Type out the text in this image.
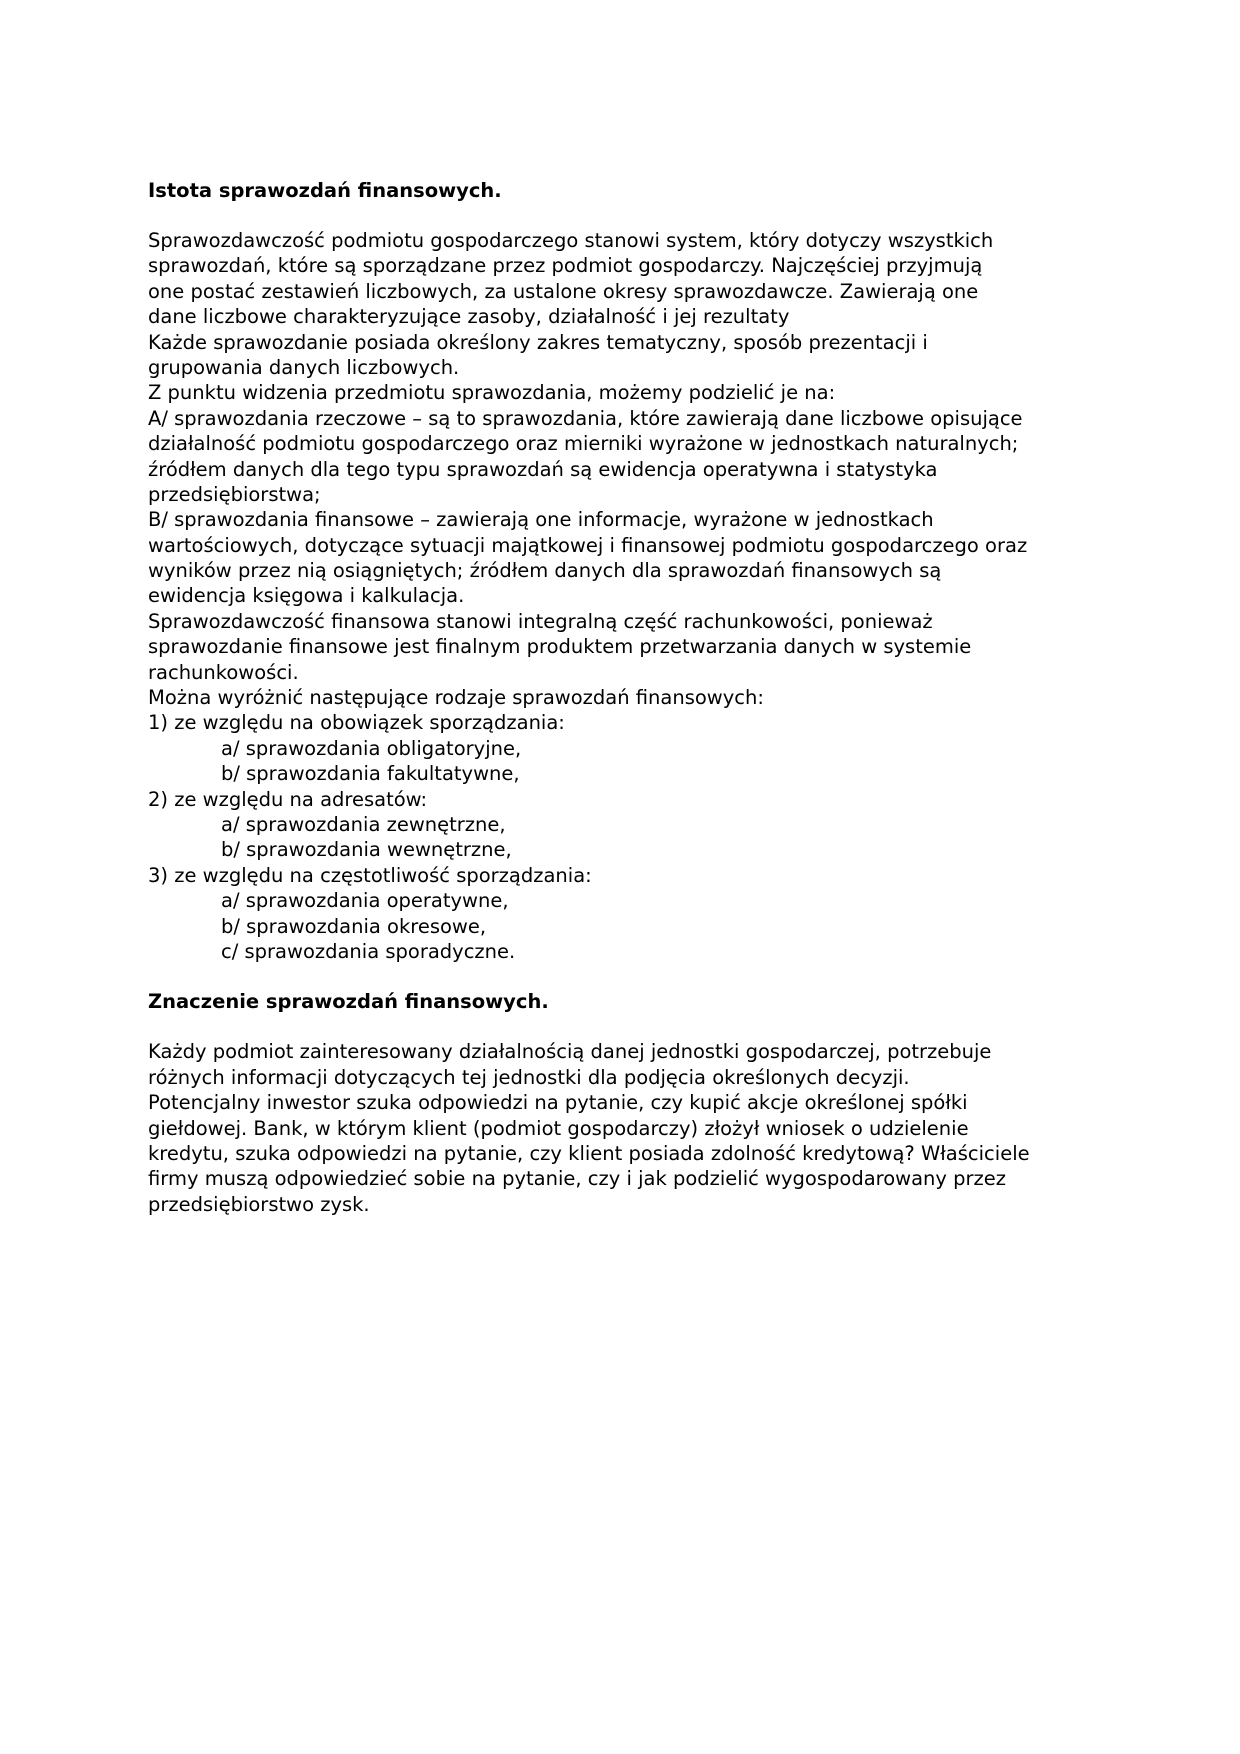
Istota sprawozdań finansowych.
Sprawozdawczość podmiotu gospodarczego stanowi system, który dotyczy wszystkich
sprawozdań, które są sporządzane przez podmiot gospodarczy. Najczęściej przyjmują
one postać zestawień liczbowych, za ustalone okresy sprawozdawcze. Zawierają one
dane liczbowe charakteryzujące zasoby, działalność i jej rezultaty
Każde sprawozdanie posiada określony zakres tematyczny, sposób prezentacji i
grupowania danych liczbowych.
Z punktu widzenia przedmiotu sprawozdania, możemy podzielić je na:
A/ sprawozdania rzeczowe – są to sprawozdania, które zawierają dane liczbowe opisujące
działalność podmiotu gospodarczego oraz mierniki wyrażone w jednostkach naturalnych;
źródłem danych dla tego typu sprawozdań są ewidencja operatywna i statystyka
przedsiębiorstwa;
B/ sprawozdania finansowe – zawierają one informacje, wyrażone w jednostkach
wartościowych, dotyczące sytuacji majątkowej i finansowej podmiotu gospodarczego oraz
wyników przez nią osiągniętych; źródłem danych dla sprawozdań finansowych są
ewidencja księgowa i kalkulacja.
Sprawozdawczość finansowa stanowi integralną część rachunkowości, ponieważ
sprawozdanie finansowe jest finalnym produktem przetwarzania danych w systemie
rachunkowości.
Można wyróżnić następujące rodzaje sprawozdań finansowych:
1) ze względu na obowiązek sporządzania:
a/ sprawozdania obligatoryjne,
b/ sprawozdania fakultatywne,
2) ze względu na adresatów:
a/ sprawozdania zewnętrzne,
b/ sprawozdania wewnętrzne,
3) ze względu na częstotliwość sporządzania:
a/ sprawozdania operatywne,
b/ sprawozdania okresowe,
c/ sprawozdania sporadyczne.
Znaczenie sprawozdań finansowych.
Każdy podmiot zainteresowany działalnością danej jednostki gospodarczej, potrzebuje
różnych informacji dotyczących tej jednostki dla podjęcia określonych decyzji.
Potencjalny inwestor szuka odpowiedzi na pytanie, czy kupić akcje określonej spółki
giełdowej. Bank, w którym klient (podmiot gospodarczy) złożył wniosek o udzielenie
kredytu, szuka odpowiedzi na pytanie, czy klient posiada zdolność kredytową? Właściciele
firmy muszą odpowiedzieć sobie na pytanie, czy i jak podzielić wygospodarowany przez
przedsiębiorstwo zysk.
